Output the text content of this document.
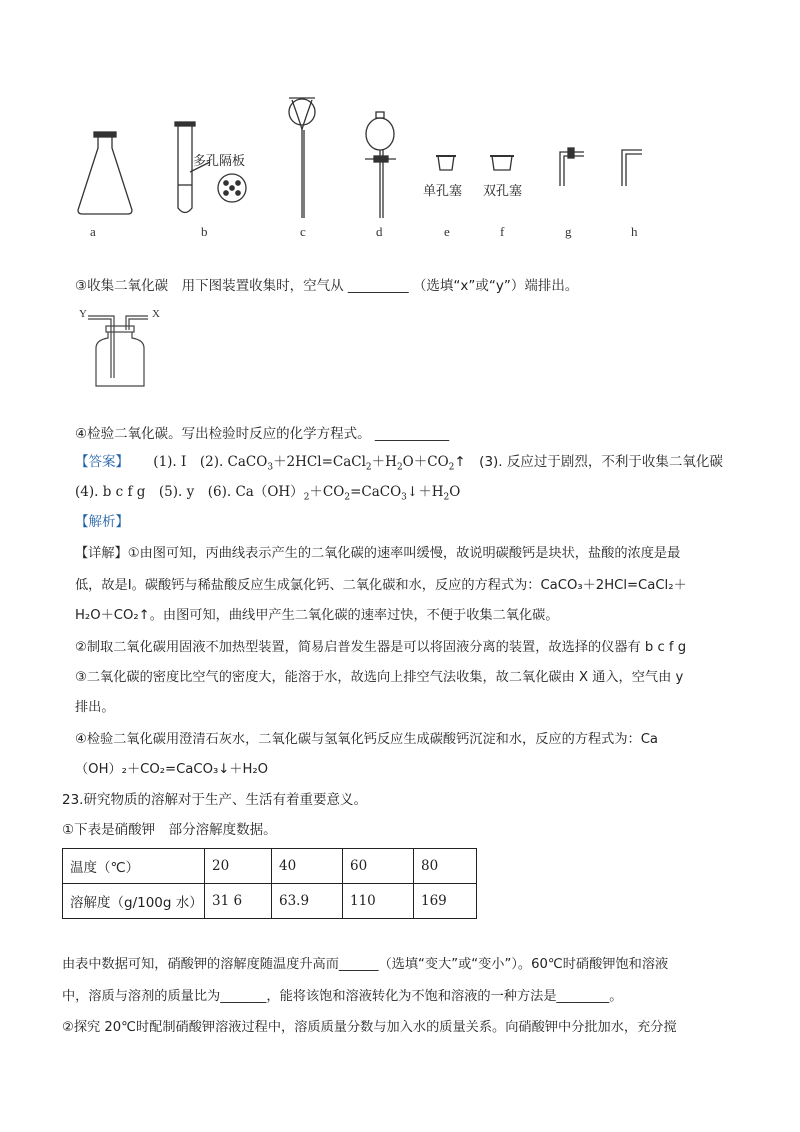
多孔隔板
单孔塞 双孔塞
a	b	c	d	e	f	g	h
③收集二氧化碳　用下图装置收集时，空气从 _________ （选填“x”或“y”）端排出。
Y	X
④检验二氧化碳。写出检验时反应的化学方程式。 ___________
【答案】 (1). Ⅰ　(2). $CaCO_3+2HCl=CaCl_2+H_2O+CO_2↑$　(3). 反应过于剧烈，不利于收集二氧化碳
(4). b c f g　(5). y　(6). $Ca(OH)_2+CO_2=CaCO_3↓+H_2O$
【解析】
【详解】①由图可知，丙曲线表示产生的二氧化碳的速率叫缓慢，故说明碳酸钙是块状，盐酸的浓度是最
低，故是Ⅰ。碳酸钙与稀盐酸反应生成氯化钙、二氧化碳和水，反应的方程式为：CaCO₃＋2HCl=CaCl₂＋
H₂O＋CO₂↑。由图可知，曲线甲产生二氧化碳的速率过快，不便于收集二氧化碳。
②制取二氧化碳用固液不加热型装置，简易启普发生器是可以将固液分离的装置，故选择的仪器有 b c f g
③二氧化碳的密度比空气的密度大，能溶于水，故选向上排空气法收集，故二氧化碳由 X 通入，空气由 y
排出。
④检验二氧化碳用澄清石灰水，二氧化碳与氢氧化钙反应生成碳酸钙沉淀和水，反应的方程式为：Ca
（OH）₂＋CO₂=CaCO₃↓＋H₂O
23.研究物质的溶解对于生产、生活有着重要意义。
①下表是硝酸钾　部分溶解度数据。
温度（℃）	20	40	60	80
溶解度（g/100g 水）	31 6	63.9	110	169
由表中数据可知，硝酸钾的溶解度随温度升高而______（选填“变大”或“变小”）。60℃时硝酸钾饱和溶液
中，溶质与溶剂的质量比为_______，能将该饱和溶液转化为不饱和溶液的一种方法是________。
②探究 20℃时配制硝酸钾溶液过程中，溶质质量分数与加入水的质量关系。向硝酸钾中分批加水，充分搅
